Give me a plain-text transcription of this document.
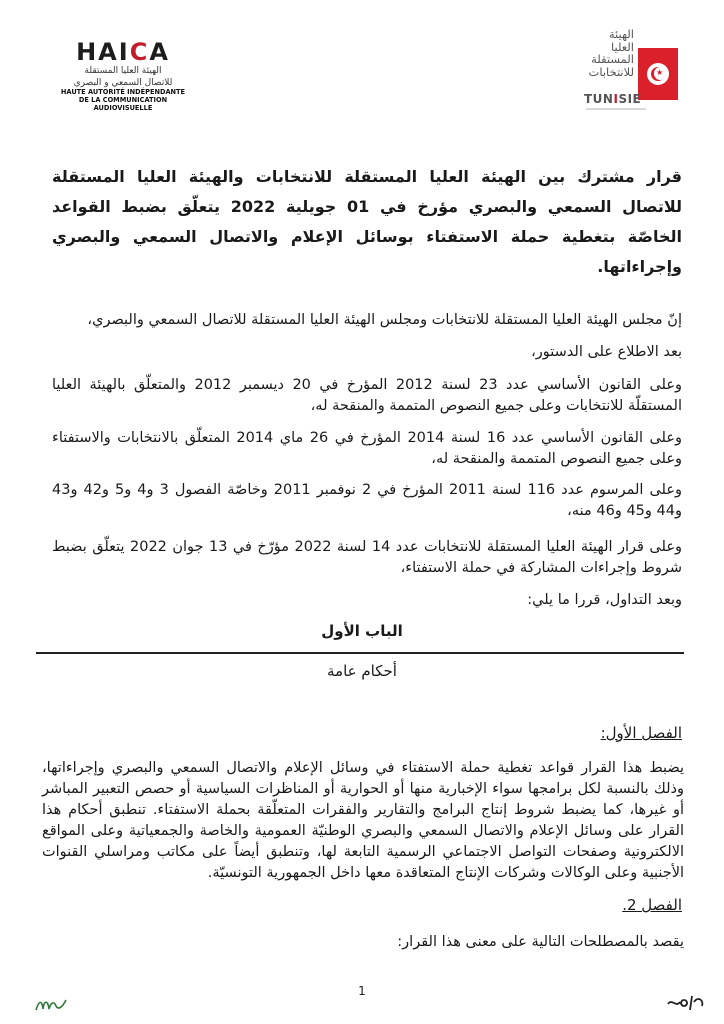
HAICA
الهيئة العليا المستقلة
للاتصال السمعي و البصري
HAUTE AUTORITÉ INDÉPENDANTE
DE LA COMMUNICATION AUDIOVISUELLE
الهيئة
العليا
المستقلة
للانتخابات	★
TUNISIE
قرار مشترك بين الهيئة العليا المستقلة للانتخابات والهيئة العليا المستقلة للاتصال السمعي والبصري مؤرخ في 01 جويلية 2022 يتعلّق بضبط القواعد الخاصّة بتغطية حملة الاستفتاء بوسائل الإعلام والاتصال السمعي والبصري وإجراءاتها.
إنّ مجلس الهيئة العليا المستقلة للانتخابات ومجلس الهيئة العليا المستقلة للاتصال السمعي والبصري،
بعد الاطلاع على الدستور،
وعلى القانون الأساسي عدد 23 لسنة 2012 المؤرخ في 20 ديسمبر 2012 والمتعلّق بالهيئة العليا المستقلّة للانتخابات وعلى جميع النصوص المتممة والمنقحة له،
وعلى القانون الأساسي عدد 16 لسنة 2014 المؤرخ في 26 ماي 2014 المتعلّق بالانتخابات والاستفتاء وعلى جميع النصوص المتممة والمنقحة له،
وعلى المرسوم عدد 116 لسنة 2011 المؤرخ في 2 نوفمبر 2011 وخاصّة الفصول 3 و4 و5 و42 و43 و44 و45 و46 منه،
وعلى قرار الهيئة العليا المستقلة للانتخابات عدد 14 لسنة 2022 مؤرّخ في 13 جوان 2022 يتعلّق بضبط شروط وإجراءات المشاركة في حملة الاستفتاء،
وبعد التداول، قررا ما يلي:
الباب الأول
أحكام عامة
الفصل الأول:
يضبط هذا القرار قواعد تغطية حملة الاستفتاء في وسائل الإعلام والاتصال السمعي والبصري وإجراءاتها، وذلك بالنسبة لكل برامجها سواء الإخبارية منها أو الحوارية أو المناظرات السياسية أو حصص التعبير المباشر أو غيرها، كما يضبط شروط إنتاج البرامج والتقارير والفقرات المتعلّقة بحملة الاستفتاء. تنطبق أحكام هذا القرار على وسائل الإعلام والاتصال السمعي والبصري الوطنيّة العمومية والخاصة والجمعياتية وعلى المواقع الالكترونية وصفحات التواصل الاجتماعي الرسمية التابعة لها، وتنطبق أيضاً على مكاتب ومراسلي القنوات الأجنبية وعلى الوكالات وشركات الإنتاج المتعاقدة معها داخل الجمهورية التونسيّة.
الفصل 2.
يقصد بالمصطلحات التالية على معنى هذا القرار:
1
